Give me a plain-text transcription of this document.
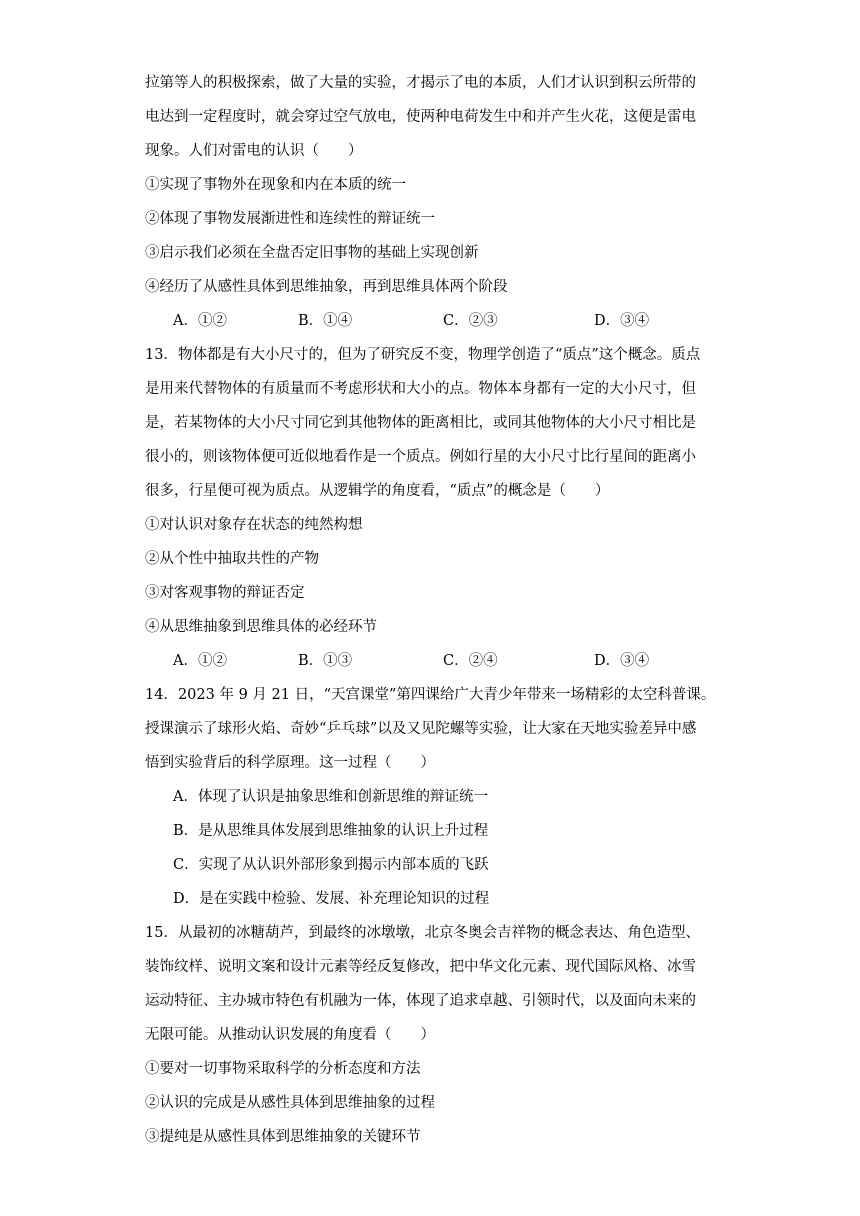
拉第等人的积极探索，做了大量的实验，才揭示了电的本质，人们才认识到积云所带的
电达到一定程度时，就会穿过空气放电，使两种电荷发生中和并产生火花，这便是雷电
现象。人们对雷电的认识（　　）
①实现了事物外在现象和内在本质的统一
②体现了事物发展渐进性和连续性的辩证统一
③启示我们必须在全盘否定旧事物的基础上实现创新
④经历了从感性具体到思维抽象，再到思维具体两个阶段
A．①②	B．①④	C．②③	D．③④
13．物体都是有大小尺寸的，但为了研究反不变，物理学创造了“质点”这个概念。质点
是用来代替物体的有质量而不考虑形状和大小的点。物体本身都有一定的大小尺寸，但
是，若某物体的大小尺寸同它到其他物体的距离相比，或同其他物体的大小尺寸相比是
很小的，则该物体便可近似地看作是一个质点。例如行星的大小尺寸比行星间的距离小
很多，行星便可视为质点。从逻辑学的角度看，“质点”的概念是（　　）
①对认识对象存在状态的纯然构想
②从个性中抽取共性的产物
③对客观事物的辩证否定
④从思维抽象到思维具体的必经环节
A．①②	B．①③	C．②④	D．③④
14．2023 年 9 月 21 日，“天宫课堂”第四课给广大青少年带来一场精彩的太空科普课。
授课演示了球形火焰、奇妙“乒乓球”以及又见陀螺等实验，让大家在天地实验差异中感
悟到实验背后的科学原理。这一过程（　　）
A．体现了认识是抽象思维和创新思维的辩证统一
B．是从思维具体发展到思维抽象的认识上升过程
C．实现了从认识外部形象到揭示内部本质的飞跃
D．是在实践中检验、发展、补充理论知识的过程
15．从最初的冰糖葫芦，到最终的冰墩墩，北京冬奥会吉祥物的概念表达、角色造型、
装饰纹样、说明文案和设计元素等经反复修改，把中华文化元素、现代国际风格、冰雪
运动特征、主办城市特色有机融为一体，体现了追求卓越、引领时代，以及面向未来的
无限可能。从推动认识发展的角度看（　　）
①要对一切事物采取科学的分析态度和方法
②认识的完成是从感性具体到思维抽象的过程
③提纯是从感性具体到思维抽象的关键环节
